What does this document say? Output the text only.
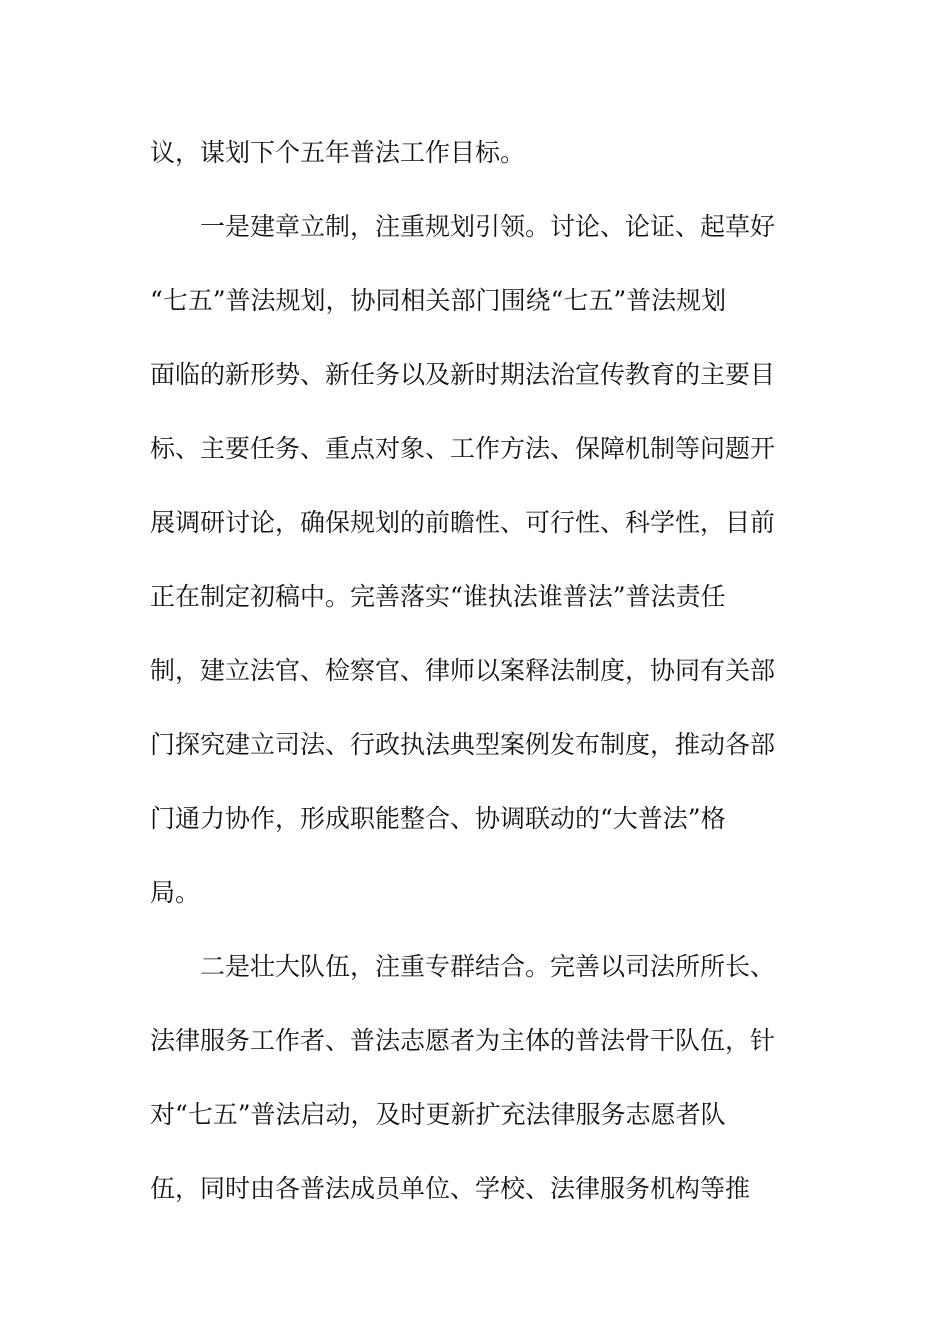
议，谋划下个五年普法工作目标。
一是建章立制，注重规划引领。讨论、论证、起草好
“七五”普法规划，协同相关部门围绕“七五”普法规划
面临的新形势、新任务以及新时期法治宣传教育的主要目
标、主要任务、重点对象、工作方法、保障机制等问题开
展调研讨论，确保规划的前瞻性、可行性、科学性，目前
正在制定初稿中。完善落实“谁执法谁普法”普法责任
制，建立法官、检察官、律师以案释法制度，协同有关部
门探究建立司法、行政执法典型案例发布制度，推动各部
门通力协作，形成职能整合、协调联动的“大普法”格
局。
二是壮大队伍，注重专群结合。完善以司法所所长、
法律服务工作者、普法志愿者为主体的普法骨干队伍，针
对“七五”普法启动，及时更新扩充法律服务志愿者队
伍，同时由各普法成员单位、学校、法律服务机构等推
